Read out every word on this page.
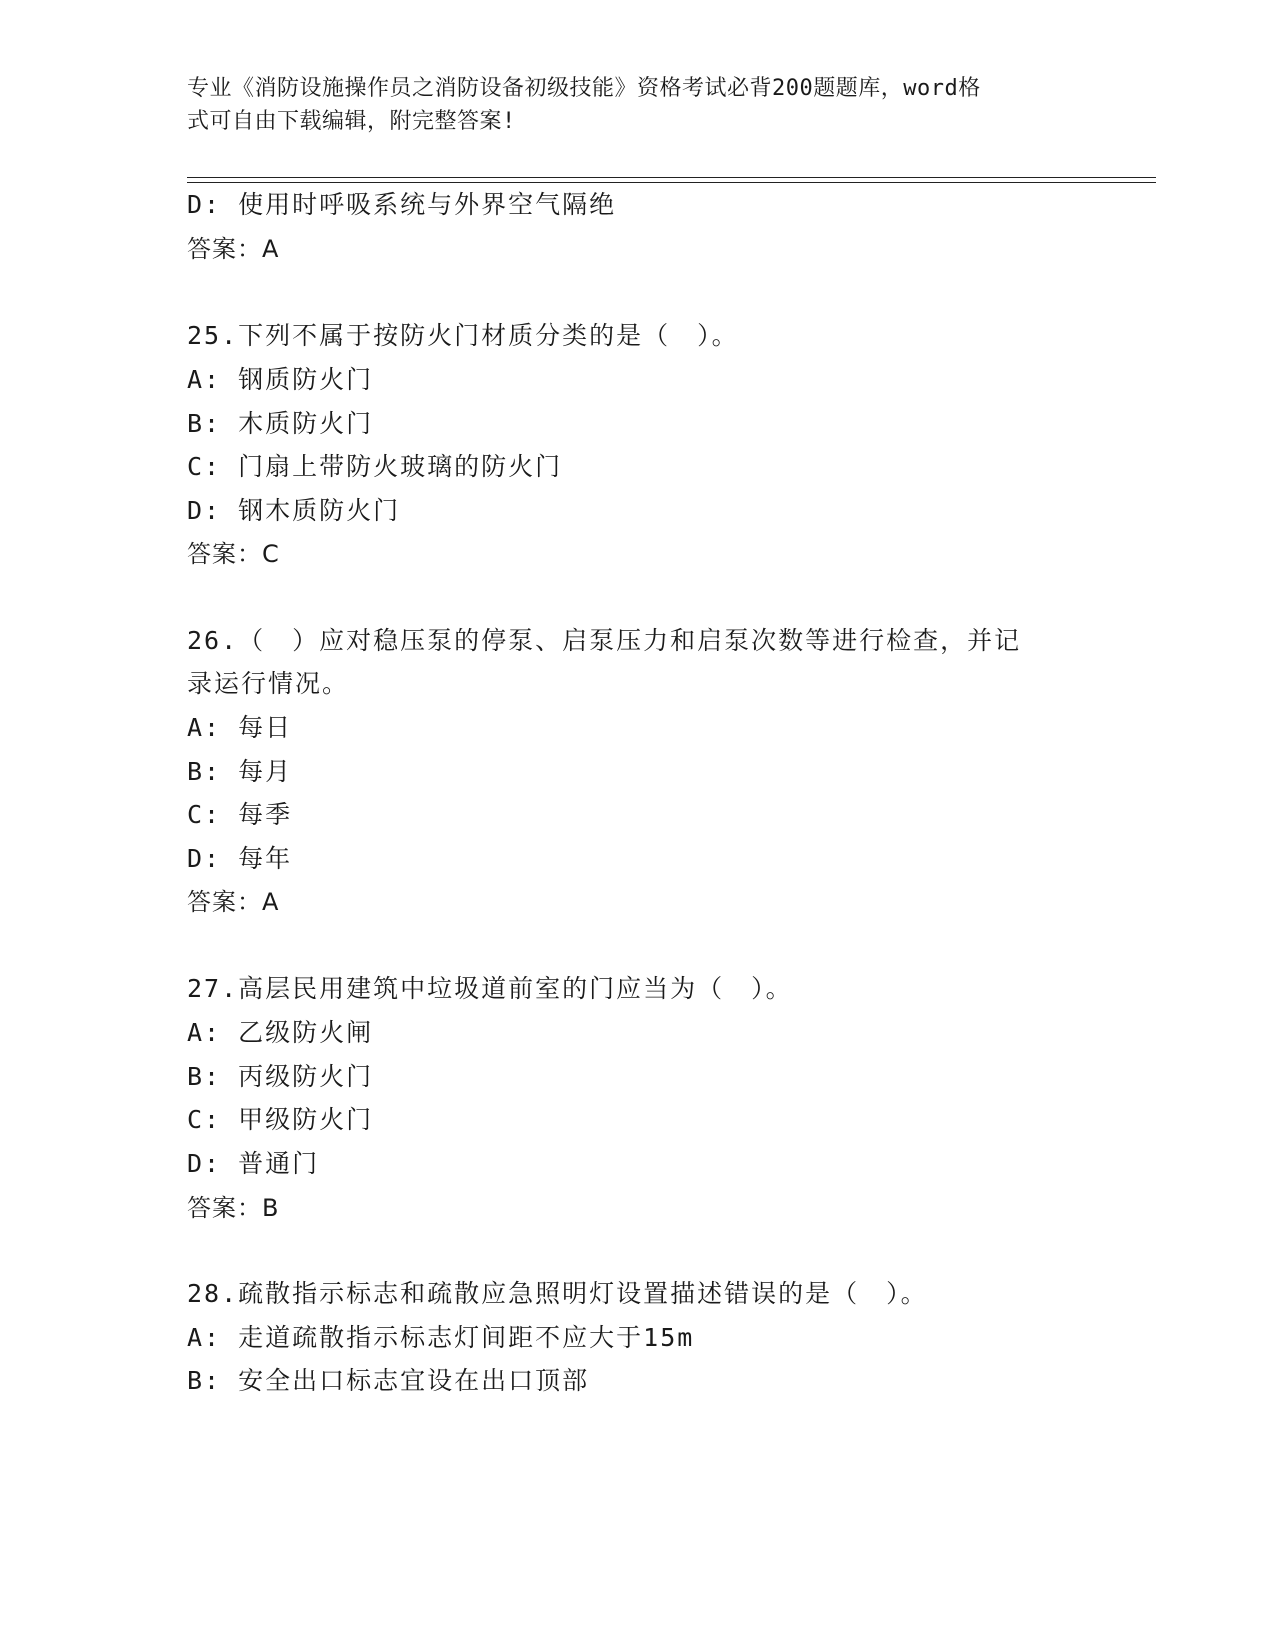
专业《消防设施操作员之消防设备初级技能》资格考试必背200题题库，word格
式可自由下载编辑，附完整答案!
D: 使用时呼吸系统与外界空气隔绝
答案：A
25.下列不属于按防火门材质分类的是（　）。
A: 钢质防火门
B: 木质防火门
C: 门扇上带防火玻璃的防火门
D: 钢木质防火门
答案：C
26.（　）应对稳压泵的停泵、启泵压力和启泵次数等进行检查，并记
录运行情况。
A: 每日
B: 每月
C: 每季
D: 每年
答案：A
27.高层民用建筑中垃圾道前室的门应当为（　）。
A: 乙级防火闸
B: 丙级防火门
C: 甲级防火门
D: 普通门
答案：B
28.疏散指示标志和疏散应急照明灯设置描述错误的是（　）。
A: 走道疏散指示标志灯间距不应大于15m
B: 安全出口标志宜设在出口顶部
